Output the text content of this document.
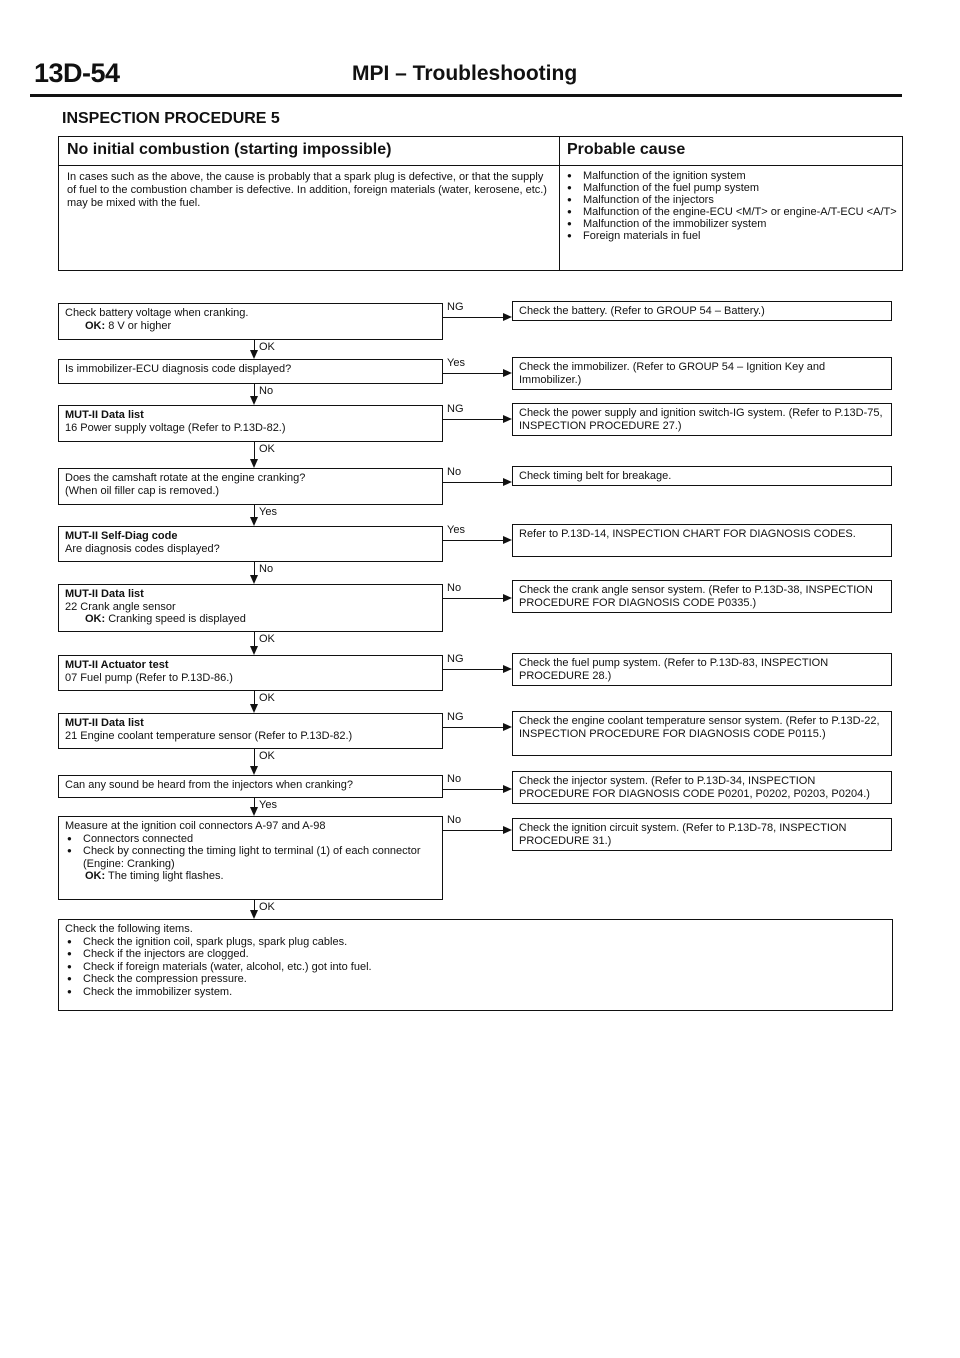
13D-54	MPI – Troubleshooting
INSPECTION PROCEDURE 5
No initial combustion (starting impossible)	Probable cause

In cases such as the above, the cause is probably that a spark plug is defective, or that the supply of fuel to the combustion chamber is defective. In addition, foreign materials (water, kerosene, etc.) may be mixed with the fuel.

● Malfunction of the ignition system
● Malfunction of the fuel pump system
● Malfunction of the injectors
● Malfunction of the engine-ECU <M/T> or engine-A/T-ECU <A/T>
● Malfunction of the immobilizer system
● Foreign materials in fuel
Check battery voltage when cranking.
OK: 8 V or higher
NG	Check the battery. (Refer to GROUP 54 – Battery.)
OK
Is immobilizer-ECU diagnosis code displayed?	Yes	Check the immobilizer. (Refer to GROUP 54 – Ignition Key and Immobilizer.)
No
MUT-II Data list
16 Power supply voltage (Refer to P.13D-82.)
NG	Check the power supply and ignition switch-IG system. (Refer to P.13D-75, INSPECTION PROCEDURE 27.)
OK
Does the camshaft rotate at the engine cranking?
(When oil filler cap is removed.)
No	Check timing belt for breakage.
Yes
MUT-II Self-Diag code
Are diagnosis codes displayed?
Yes	Refer to P.13D-14, INSPECTION CHART FOR DIAGNOSIS CODES.
No
MUT-II Data list
22 Crank angle sensor
OK: Cranking speed is displayed
No	Check the crank angle sensor system. (Refer to P.13D-38, INSPECTION PROCEDURE FOR DIAGNOSIS CODE P0335.)
OK
MUT-II Actuator test
07 Fuel pump (Refer to P.13D-86.)
NG	Check the fuel pump system. (Refer to P.13D-83, INSPECTION PROCEDURE 28.)
OK
MUT-II Data list
21 Engine coolant temperature sensor (Refer to P.13D-82.)
NG	Check the engine coolant temperature sensor system. (Refer to P.13D-22, INSPECTION PROCEDURE FOR DIAGNOSIS CODE P0115.)
OK
Can any sound be heard from the injectors when cranking?	No	Check the injector system. (Refer to P.13D-34, INSPECTION PROCEDURE FOR DIAGNOSIS CODE P0201, P0202, P0203, P0204.)
Yes
Measure at the ignition coil connectors A-97 and A-98
● Connectors connected
● Check by connecting the timing light to terminal (1) of each connector (Engine: Cranking)
OK: The timing light flashes.
No
Check the ignition circuit system. (Refer to P.13D-78, INSPECTION PROCEDURE 31.)
OK
Check the following items.
● Check the ignition coil, spark plugs, spark plug cables.
● Check if the injectors are clogged.
● Check if foreign materials (water, alcohol, etc.) got into fuel.
● Check the compression pressure.
● Check the immobilizer system.
